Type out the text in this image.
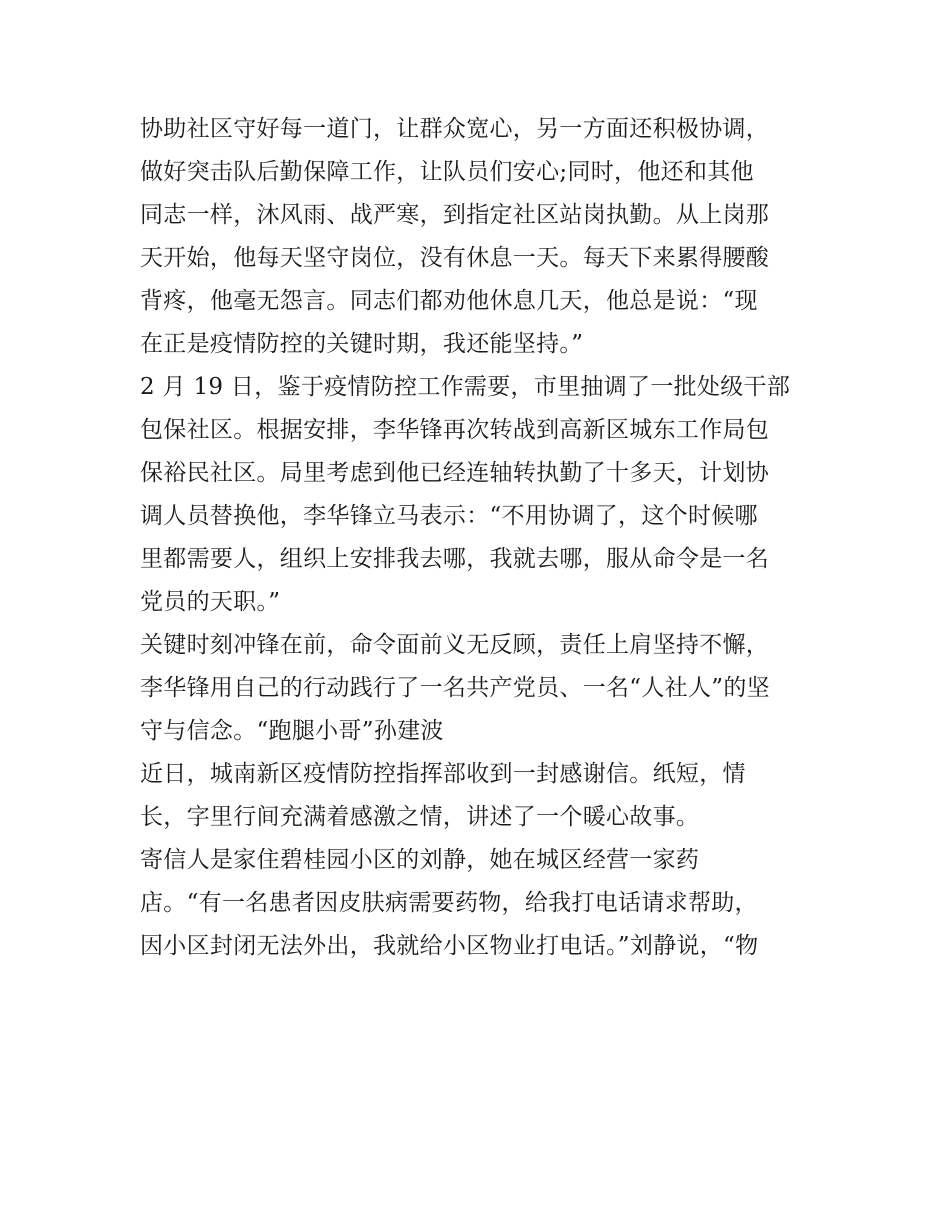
协助社区守好每一道门，让群众宽心，另一方面还积极协调，
做好突击队后勤保障工作，让队员们安心;同时，他还和其他
同志一样，沐风雨、战严寒，到指定社区站岗执勤。从上岗那
天开始，他每天坚守岗位，没有休息一天。每天下来累得腰酸
背疼，他毫无怨言。同志们都劝他休息几天，他总是说：“现
在正是疫情防控的关键时期，我还能坚持。”
2 月 19 日，鉴于疫情防控工作需要，市里抽调了一批处级干部
包保社区。根据安排，李华锋再次转战到高新区城东工作局包
保裕民社区。局里考虑到他已经连轴转执勤了十多天，计划协
调人员替换他，李华锋立马表示：“不用协调了，这个时候哪
里都需要人，组织上安排我去哪，我就去哪，服从命令是一名
党员的天职。”
关键时刻冲锋在前，命令面前义无反顾，责任上肩坚持不懈，
李华锋用自己的行动践行了一名共产党员、一名“人社人”的坚
守与信念。“跑腿小哥”孙建波
近日，城南新区疫情防控指挥部收到一封感谢信。纸短，情
长，字里行间充满着感激之情，讲述了一个暖心故事。
寄信人是家住碧桂园小区的刘静，她在城区经营一家药
店。“有一名患者因皮肤病需要药物，给我打电话请求帮助，
因小区封闭无法外出，我就给小区物业打电话。”刘静说，“物
